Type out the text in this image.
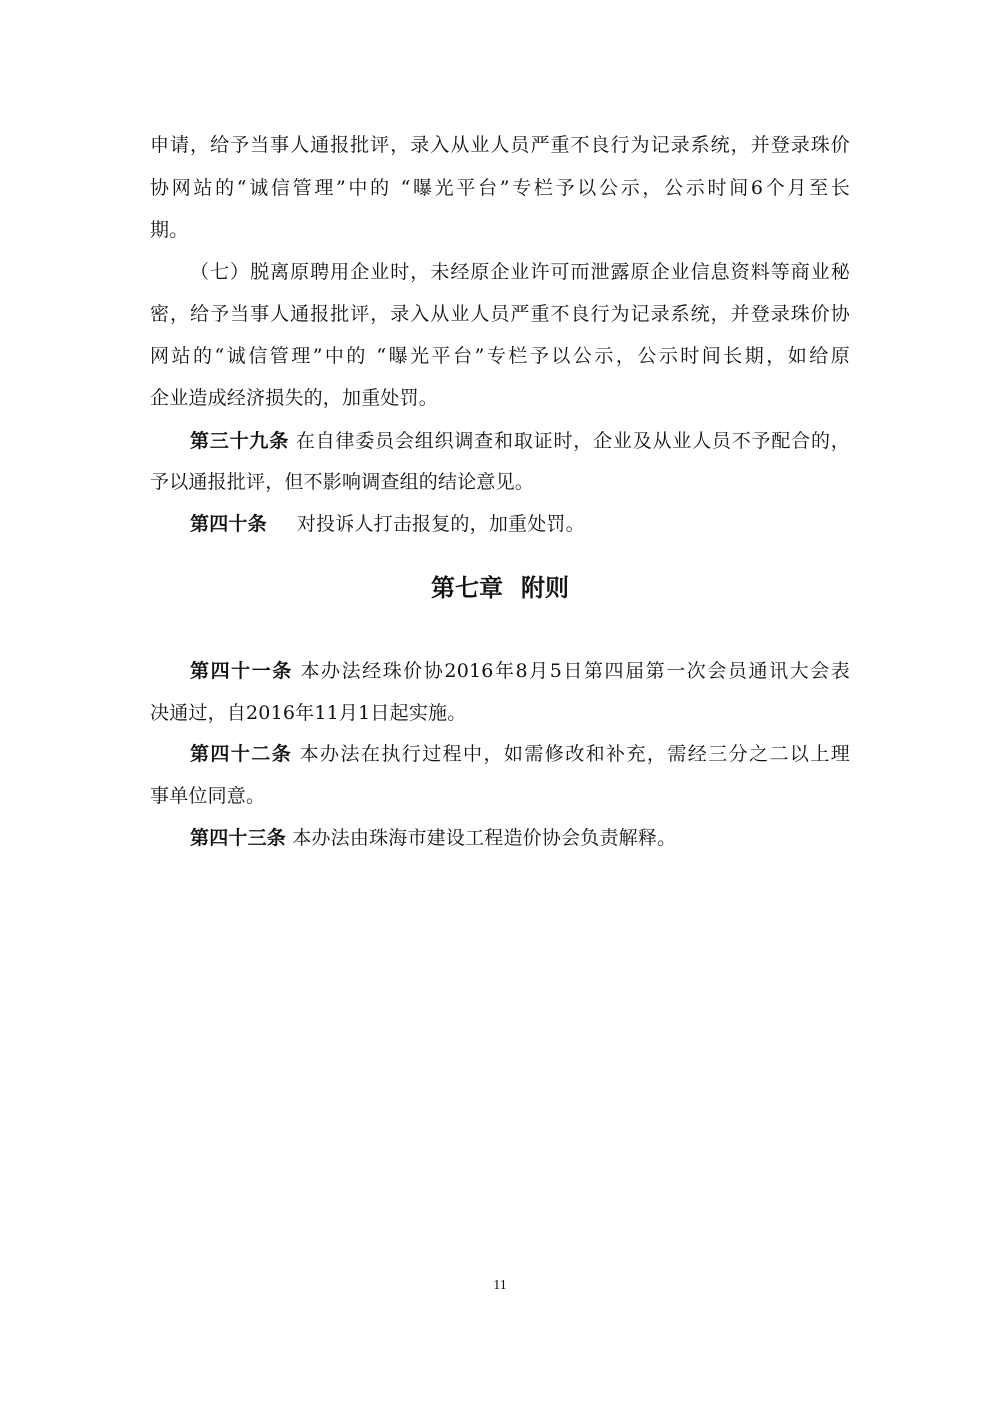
申请，给予当事人通报批评，录入从业人员严重不良行为记录系统，并登录珠价
协网站的“诚信管理”中的 “曝光平台”专栏予以公示，公示时间6个月至长
期。
（七）脱离原聘用企业时，未经原企业许可而泄露原企业信息资料等商业秘
密，给予当事人通报批评，录入从业人员严重不良行为记录系统，并登录珠价协
网站的“诚信管理”中的 “曝光平台”专栏予以公示，公示时间长期，如给原
企业造成经济损失的，加重处罚。
第三十九条 在自律委员会组织调查和取证时，企业及从业人员不予配合的，
予以通报批评，但不影响调查组的结论意见。
第四十条 对投诉人打击报复的，加重处罚。
第七章 附则
第四十一条 本办法经珠价协2016年8月5日第四届第一次会员通讯大会表
决通过，自2016年11月1日起实施。
第四十二条 本办法在执行过程中，如需修改和补充，需经三分之二以上理
事单位同意。
第四十三条 本办法由珠海市建设工程造价协会负责解释。
11
